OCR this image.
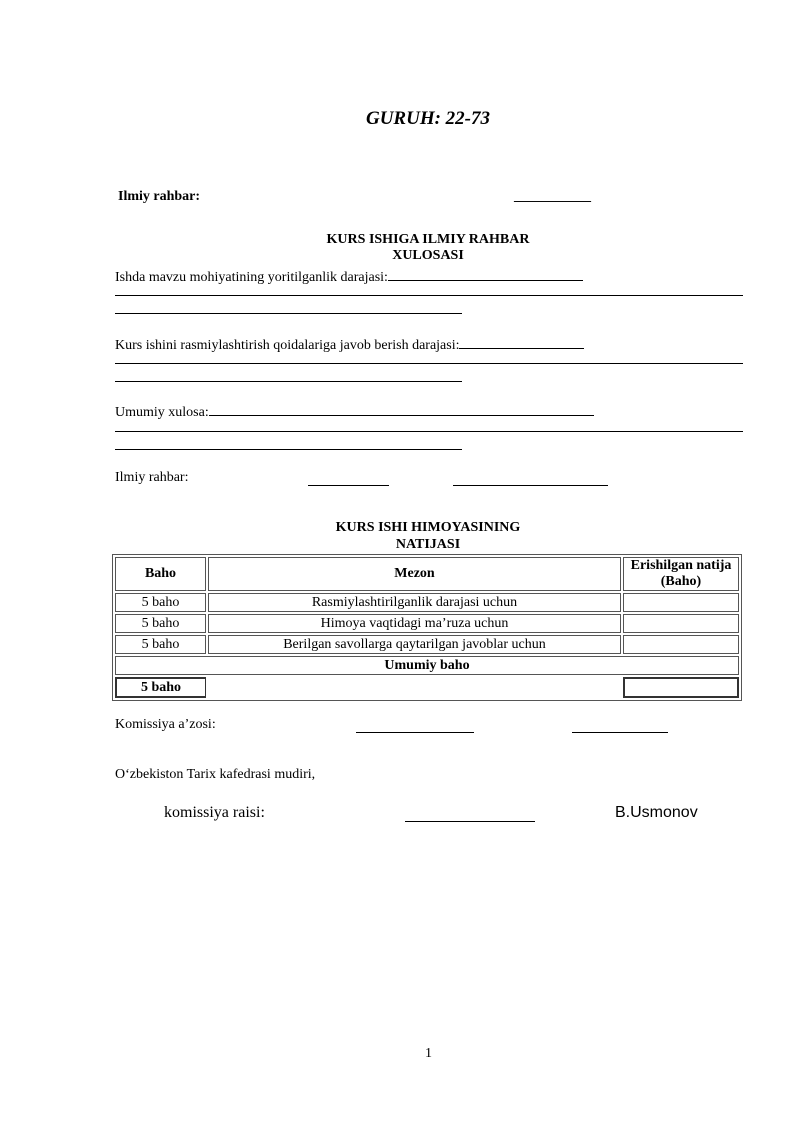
GURUH: 22-73
Ilmiy rahbar:	___________
KURS ISHIGA ILMIY RAHBAR
XULOSASI
Ishda mavzu mohiyatining yoritilganlik darajasi:
Kurs ishini rasmiylashtirish qoidalariga javob berish darajasi:
Umumiy xulosa:
Ilmiy rahbar:
KURS ISHI HIMOYASINING
NATIJASI
Baho	Mezon	Erishilgan natija (Baho)
5 baho	Rasmiylashtirilganlik darajasi uchun	
5 baho	Himoya vaqtidagi ma’ruza uchun	
5 baho	Berilgan savollarga qaytarilgan javoblar uchun	
Umumiy baho		
5 baho		
Komissiya a’zosi:
O‘zbekiston Tarix kafedrasi mudiri,
komissiya raisi:	B.Usmonov
1
